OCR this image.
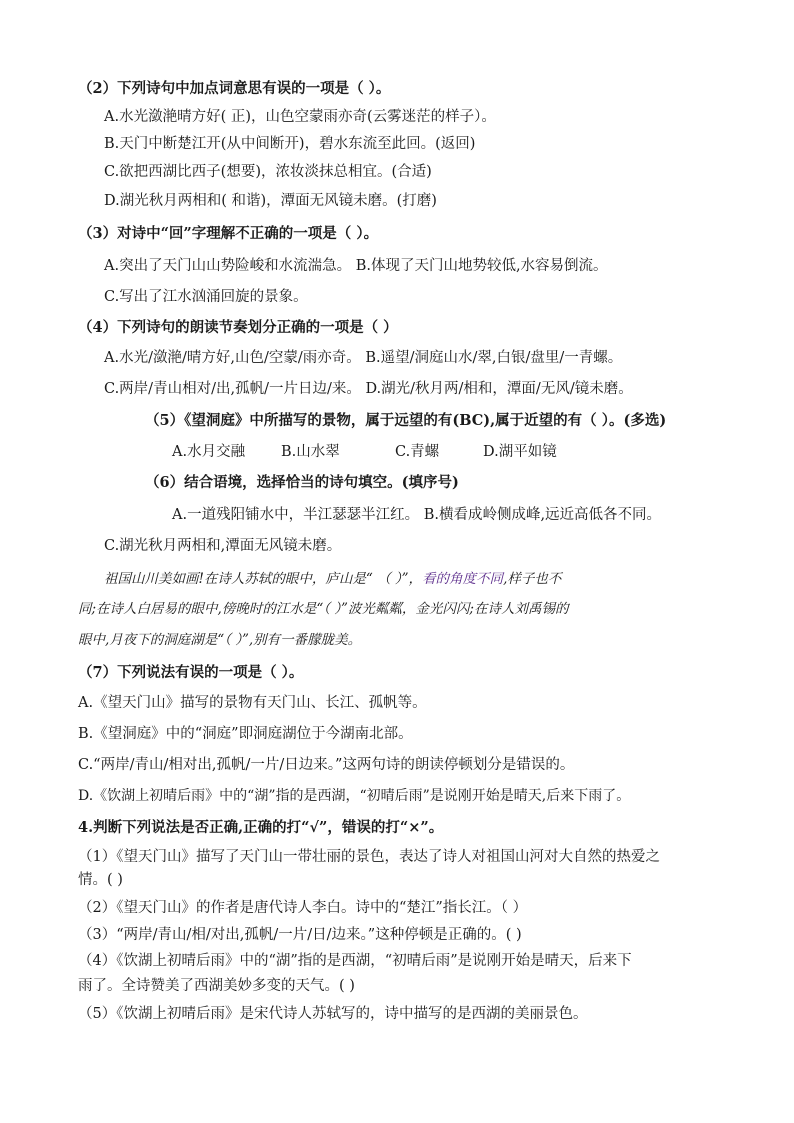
（2）下列诗句中加点词意思有误的一项是（ ）。
A.水光潋滟晴方好( 正)，山色空蒙雨亦奇(云雾迷茫的样子）。
B.天门中断楚江开(从中间断开)，碧水东流至此回。(返回)
C.欲把西湖比西子(想要)，浓妆淡抹总相宜。(合适)
D.湖光秋月两相和( 和谐)，潭面无风镜未磨。(打磨)
（3）对诗中“回”字理解不正确的一项是（ ）。
A.突出了天门山山势险峻和水流湍急。 B.体现了天门山地势较低,水容易倒流。
C.写出了江水汹涌回旋的景象。
（4）下列诗句的朗读节奏划分正确的一项是（ ）
A.水光/潋滟/晴方好,山色/空蒙/雨亦奇。 B.遥望/洞庭山水/翠,白银/盘里/一青螺。
C.两岸/青山相对/出,孤帆/一片日边/来。 D.湖光/秋月两/相和，潭面/无风/镜未磨。
（5）《望洞庭》中所描写的景物，属于远望的有(BC),属于近望的有（ ）。(多选)
A.水月交融 B.山水翠	C.青螺	D.湖平如镜
（6）结合语境，选择恰当的诗句填空。(填序号)
A.一道残阳铺水中，半江瑟瑟半江红。 B.横看成岭侧成峰,远近高低各不同。
C.湖光秋月两相和,潭面无风镜未磨。
祖国山川美如画!在诗人苏轼的眼中，庐山是“ （ ）”，看的角度不同,样子也不
同;在诗人白居易的眼中,傍晚时的江水是“（ ）”波光粼粼，金光闪闪;在诗人刘禹锡的
眼中,月夜下的洞庭湖是“（ ）”,别有一番朦胧美。
（7）下列说法有误的一项是（ ）。
A.《望天门山》描写的景物有天门山、长江、孤帆等。
B.《望洞庭》中的“洞庭”即洞庭湖位于今湖南北部。
C.“两岸/青山/相对出,孤帆/一片/日边来。”这两句诗的朗读停顿划分是错误的。
D.《饮湖上初晴后雨》中的“湖”指的是西湖，“初晴后雨”是说刚开始是晴天,后来下雨了。
4.判断下列说法是否正确,正确的打“√”，错误的打“×”。
（1）《望天门山》描写了天门山一带壮丽的景色，表达了诗人对祖国山河对大自然的热爱之
情。( )
（2）《望天门山》的作者是唐代诗人李白。诗中的“楚江”指长江。（ ）
（3）“两岸/青山/相/对出,孤帆/一片/日/边来。”这种停顿是正确的。( )
（4）《饮湖上初晴后雨》中的“湖”指的是西湖，“初晴后雨”是说刚开始是晴天，后来下
雨了。全诗赞美了西湖美妙多变的天气。( )
（5）《饮湖上初晴后雨》是宋代诗人苏轼写的，诗中描写的是西湖的美丽景色。
